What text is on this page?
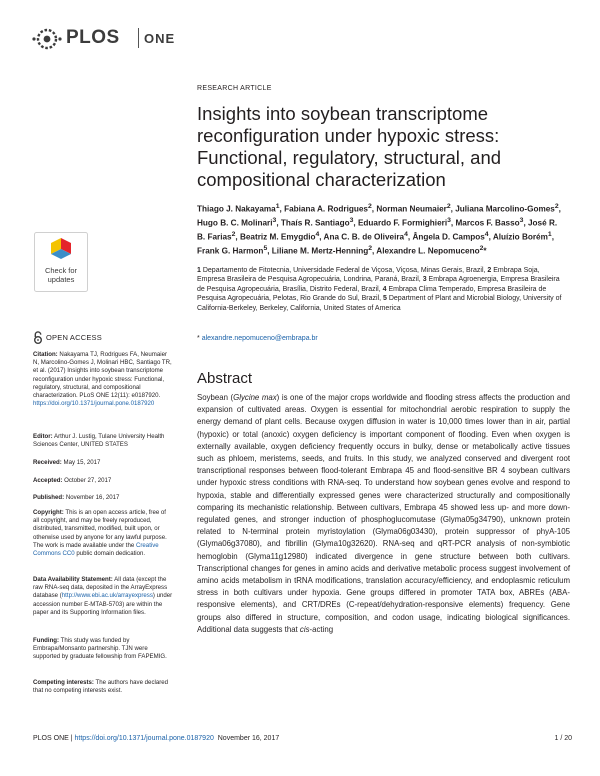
PLOS ONE
RESEARCH ARTICLE
Insights into soybean transcriptome reconfiguration under hypoxic stress: Functional, regulatory, structural, and compositional characterization
Thiago J. Nakayama$^1$, Fabiana A. Rodrigues$^2$, Norman Neumaier$^2$, Juliana Marcolino-Gomes$^2$, Hugo B. C. Molinari$^3$, Thaís R. Santiago$^3$, Eduardo F. Formighieri$^3$, Marcos F. Basso$^3$, José R. B. Farias$^2$, Beatriz M. Emygdio$^4$, Ana C. B. de Oliveira$^4$, Ângela D. Campos$^4$, Aluízio Borém$^1$, Frank G. Harmon$^5$, Liliane M. Mertz-Henning$^2$, Alexandre L. Nepomuceno$^2$*
1 Departamento de Fitotecnia, Universidade Federal de Viçosa, Viçosa, Minas Gerais, Brazil, 2 Embrapa Soja, Empresa Brasileira de Pesquisa Agropecuária, Londrina, Paraná, Brazil, 3 Embrapa Agroenergia, Empresa Brasileira de Pesquisa Agropecuária, Brasília, Distrito Federal, Brazil, 4 Embrapa Clima Temperado, Empresa Brasileira de Pesquisa Agropecuária, Pelotas, Rio Grande do Sul, Brazil, 5 Department of Plant and Microbial Biology, University of California-Berkeley, Berkeley, California, United States of America
* alexandre.nepomuceno@embrapa.br
Abstract

Soybean (Glycine max) is one of the major crops worldwide and flooding stress affects the production and expansion of cultivated areas. Oxygen is essential for mitochondrial aerobic respiration to supply the energy demand of plant cells. Because oxygen diffusion in water is 10,000 times lower than in air, partial (hypoxic) or total (anoxic) oxygen deficiency is important component of flooding. Even when oxygen is externally available, oxygen deficiency frequently occurs in bulky, dense or metabolically active tissues such as phloem, meristems, seeds, and fruits. In this study, we analyzed conserved and divergent root transcriptional responses between flood-tolerant Embrapa 45 and flood-sensitive BR 4 soybean cultivars under hypoxic stress conditions with RNA-seq. To understand how soybean genes evolve and respond to hypoxia, stable and differentially expressed genes were characterized structurally and compositionally comparing its mechanistic relationship. Between cultivars, Embrapa 45 showed less up- and more down-regulated genes, and stronger induction of phosphoglucomutase (Glyma05g34790), unknown protein related to N-terminal protein myristoylation (Glyma06g03430), protein suppressor of phyA-105 (Glyma06g37080), and fibrillin (Glyma10g32620). RNA-seq and qRT-PCR analysis of non-symbiotic hemoglobin (Glyma11g12980) indicated divergence in gene structure between both cultivars. Transcriptional changes for genes in amino acids and derivative metabolic process suggest involvement of amino acids metabolism in tRNA modifications, translation accuracy/efficiency, and endoplasmic reticulum stress in both cultivars under hypoxia. Gene groups differed in promoter TATA box, ABREs (ABA-responsive elements), and CRT/DREs (C-repeat/dehydration-responsive elements) frequency. Gene groups also differed in structure, composition, and codon usage, indicating biological significances. Additional data suggests that cis-acting

Check for
updates
OPEN ACCESS
Citation: Nakayama TJ, Rodrigues FA, Neumaier N, Marcolino-Gomes J, Molinari HBC, Santiago TR, et al. (2017) Insights into soybean transcriptome reconfiguration under hypoxic stress: Functional, regulatory, structural, and compositional characterization. PLoS ONE 12(11): e0187920. https://doi.org/10.1371/journal.pone.0187920
Editor: Arthur J. Lustig, Tulane University Health Sciences Center, UNITED STATES
Received: May 15, 2017
Accepted: October 27, 2017
Published: November 16, 2017
Copyright: This is an open access article, free of all copyright, and may be freely reproduced, distributed, transmitted, modified, built upon, or otherwise used by anyone for any lawful purpose. The work is made available under the Creative Commons CC0 public domain dedication.
Data Availability Statement: All data (except the raw RNA-seq data, deposited in the ArrayExpress database (http://www.ebi.ac.uk/arrayexpress) under accession number E-MTAB-5703) are within the paper and its Supporting Information files.
Funding: This study was funded by Embrapa/Monsanto partnership. TJN were supported by graduate fellowship from FAPEMIG.
Competing interests: The authors have declared that no competing interests exist.
PLOS ONE | https://doi.org/10.1371/journal.pone.0187920 November 16, 2017	1 / 20
